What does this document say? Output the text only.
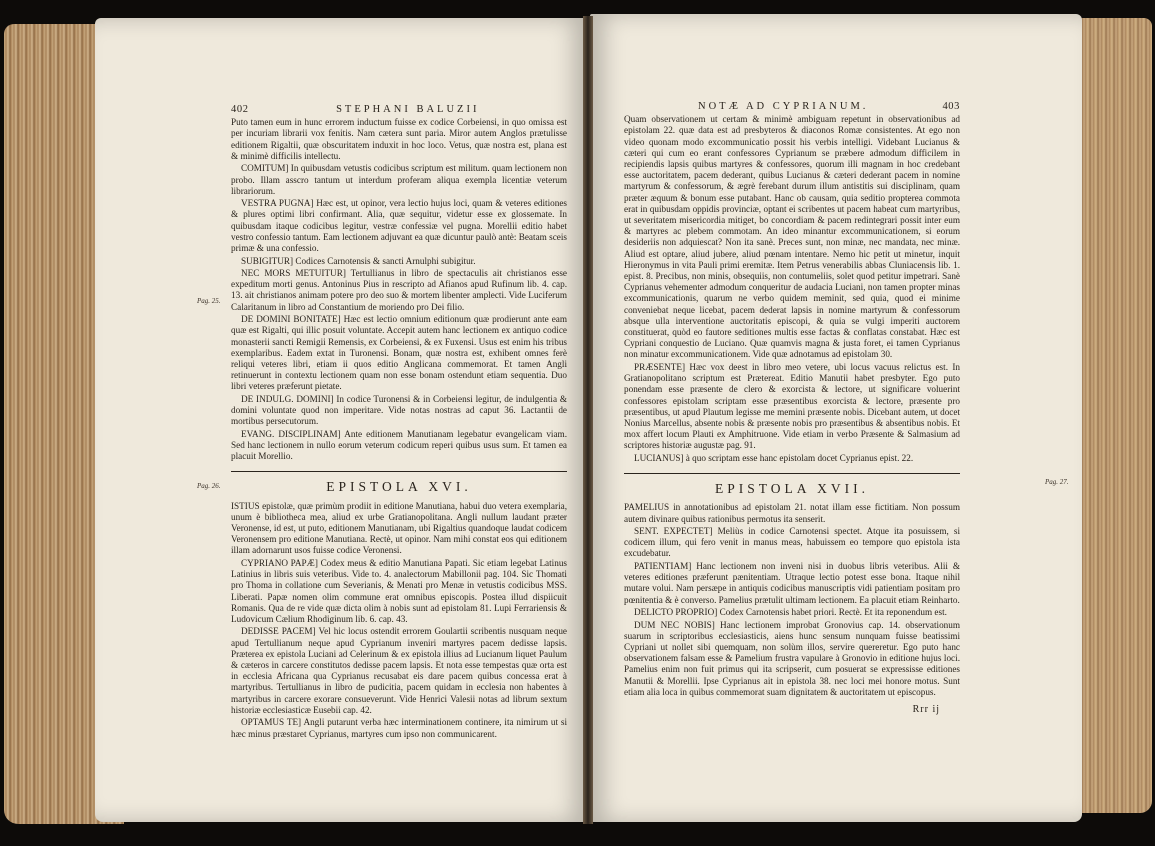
Pag. 25.
Pag. 26.
402	STEPHANI BALUZII

Puto tamen eum in hunc errorem inductum fuisse ex codice Corbeiensi, in quo omissa est per incuriam librarii vox fenitis. Nam cætera sunt paria. Miror autem Anglos prætulisse editionem Rigaltii, quæ obscuritatem induxit in hoc loco. Vetus, quæ nostra est, plana est & minimè difficilis intellectu.

COMITUM] In quibusdam vetustis codicibus scriptum est militum. quam lectionem non probo. Illam asscro tantum ut interdum proferam aliqua exempla licentiæ veterum librariorum.

VESTRA PUGNA] Hæc est, ut opinor, vera lectio hujus loci, quam & veteres editiones & plures optimi libri confirmant. Alia, quæ sequitur, videtur esse ex glossemate. In quibusdam itaque codicibus legitur, vestræ confessiæ vel pugna. Morellii editio habet vestro confessio tantum. Eam lectionem adjuvant ea quæ dicuntur paulò antè: Beatam sceis primæ & una confessio.

SUBIGITUR] Codices Carnotensis & sancti Arnulphi subigitur.

NEC MORS METUITUR] Tertullianus in libro de spectaculis ait christianos esse expeditum morti genus. Antoninus Pius in rescripto ad Afianos apud Rufinum lib. 4. cap. 13. ait christianos animam potere pro deo suo & mortem libenter amplecti. Vide Luciferum Calaritanum in libro ad Constantium de moriendo pro Dei filio.

DE DOMINI BONITATE] Hæc est lectio omnium editionum quæ prodierunt ante eam quæ est Rigalti, qui illic posuit voluntate. Accepit autem hanc lectionem ex antiquo codice monasterii sancti Remigii Remensis, ex Corbeiensi, & ex Fuxensi. Usus est enim his tribus exemplaribus. Eadem extat in Turonensi. Bonam, quæ nostra est, exhibent omnes ferè reliqui veteres libri, etiam ii quos editio Anglicana commemorat. Et tamen Angli retinuerunt in contextu lectionem quam non esse bonam ostendunt etiam sequentia. Duo libri veteres præferunt pietate.

DE INDULG. DOMINI] In codice Turonensi & in Corbeiensi legitur, de indulgentia & domini voluntate quod non imperitare. Vide notas nostras ad caput 36. Lactantii de mortibus persecutorum.

EVANG. DISCIPLINAM] Ante editionem Manutianam legebatur evangelicam viam. Sed hanc lectionem in nullo eorum veterum codicum reperi quibus usus sum. Et tamen ea placuit Morellio.

EPISTOLA XVI.

ISTIUS epistolæ, quæ primùm prodiit in editione Manutiana, habui duo vetera exemplaria, unum è bibliotheca mea, aliud ex urbe Gratianopolitana. Angli nullum laudant præter Veronense, id est, ut puto, editionem Manutianam, ubi Rigaltius quandoque laudat codicem Veronensem pro editione Manutiana. Rectè, ut opinor. Nam mihi constat eos qui editionem illam adornarunt usos fuisse codice Veronensi.

CYPRIANO PAPÆ] Codex meus & editio Manutiana Papati. Sic etiam legebat Latinus Latinius in libris suis veteribus. Vide to. 4. analectorum Mabillonii pag. 104. Sic Thomati pro Thoma in collatione cum Severianis, & Menati pro Menæ in vetustis codicibus MSS. Liberati. Papæ nomen olim commune erat omnibus episcopis. Postea illud dispiicuit Romanis. Qua de re vide quæ dicta olim à nobis sunt ad epistolam 81. Lupi Ferrariensis & Ludovicum Cælium Rhodiginum lib. 6. cap. 43.

DEDISSE PACEM] Vel hic locus ostendit errorem Goulartii scribentis nusquam neque apud Tertullianum neque apud Cyprianum inveniri martyres pacem dedisse lapsis. Præterea ex epistola Luciani ad Celerinum & ex epistola illius ad Lucianum liquet Paulum & cæteros in carcere constitutos dedisse pacem lapsis. Et nota esse tempestas quæ orta est in ecclesia Africana qua Cyprianus recusabat eis dare pacem quibus concessa erat à martyribus. Tertullianus in libro de pudicitia, pacem quidam in ecclesia non habentes à martyribus in carcere exorare consueverunt. Vide Henrici Valesii notas ad librum sextum historiæ ecclesiasticæ Eusebii cap. 42.

OPTAMUS TE] Angli putarunt verba hæc interminationem continere, ita nimirum ut si hæc minus præstaret Cyprianus, martyres cum ipso non communicarent.

Pag. 27.
NOTÆ AD CYPRIANUM.	403

Quam observationem ut certam & minimè ambiguam repetunt in observationibus ad epistolam 22. quæ data est ad presbyteros & diaconos Romæ consistentes. At ego non video quonam modo excommunicatio possit his verbis intelligi. Videbant Lucianus & cæteri qui cum eo erant confessores Cyprianum se præbere admodum difficilem in recipiendis lapsis quibus martyres & confessores, quorum illi magnam in hoc credebant esse auctoritatem, pacem dederant, quibus Lucianus & cæteri dederant pacem in nomine martyrum & confessorum, & ægrè ferebant durum illum antistitis sui disciplinam, quam præter æquum & bonum esse putabant. Hanc ob causam, quia seditio propterea commota erat in quibusdam oppidis provinciæ, optant ei scribentes ut pacem habeat cum martyribus, ut severitatem misericordia mitiget, bo concordiam & pacem redintegrari possit inter eum & martyres ac plebem commotam. An ideo minantur excommunicationem, si eorum desideriis non adquiescat? Non ita sanè. Preces sunt, non minæ, nec mandata, nec minæ. Aliud est optare, aliud jubere, aliud pœnam intentare. Nemo hic petit ut minetur, inquit Hieronymus in vita Pauli primi eremitæ. Item Petrus venerabilis abbas Cluniacensis lib. 1. epist. 8. Precibus, non minis, obsequiis, non contumeliis, solet quod petitur impetrari. Sanè Cyprianus vehementer admodum conqueritur de audacia Luciani, non tamen propter minas excommunicationis, quarum ne verbo quidem meminit, sed quia, quod ei minime conveniebat neque licebat, pacem dederat lapsis in nomine martyrum & confessorum absque ulla interventione auctoritatis episcopi, & quia se vulgi imperiti auctorem constituerat, quòd eo fautore seditiones multis esse factas & conflatas constabat. Hæc est Cypriani conquestio de Luciano. Quæ quamvis magna & justa foret, ei tamen Cyprianus non minatur excommunicationem. Vide quæ adnotamus ad epistolam 30.

PRÆSENTE] Hæc vox deest in libro meo vetere, ubi locus vacuus relictus est. In Gratianopolitano scriptum est Prætereat. Editio Manutii habet presbyter. Ego puto ponendam esse præsente de clero & exorcista & lectore, ut significare voluerint confessores epistolam scriptam esse præsentibus exorcista & lectore, præsente pro præsentibus, ut apud Plautum legisse me memini præsente nobis. Dicebant autem, ut docet Nonius Marcellus, absente nobis & præsente nobis pro præsentibus & absentibus nobis. Et mox affert locum Plauti ex Amphitruone. Vide etiam in verbo Præsente & Salmasium ad scriptores historiæ augustæ pag. 91.

LUCIANUS] à quo scriptam esse hanc epistolam docet Cyprianus epist. 22.

EPISTOLA XVII.

PAMELIUS in annotationibus ad epistolam 21. notat illam esse fictitiam. Non possum autem divinare quibus rationibus permotus ita senserit.

SENT. EXPECTET] Meliùs in codice Carnotensi spectet. Atque ita posuissem, si codicem illum, qui fero venit in manus meas, habuissem eo tempore quo epistola ista excudebatur.

PATIENTIAM] Hanc lectionem non inveni nisi in duobus libris veteribus. Alii & veteres editiones præferunt pænitentiam. Utraque lectio potest esse bona. Itaque nihil mutare volui. Nam persæpe in antiquis codicibus manuscriptis vidi patientiam positam pro pœnitentia & è converso. Pamelius prætulit ultimam lectionem. Ea placuit etiam Reinharto.

DELICTO PROPRIO] Codex Carnotensis habet priori. Rectè. Et ita reponendum est.

DUM NEC NOBIS] Hanc lectionem improbat Gronovius cap. 14. observationum suarum in scriptoribus ecclesiasticis, aiens hunc sensum nunquam fuisse beatissimi Cypriani ut nollet sibi quemquam, non solùm illos, servire quereretur. Ego puto hanc observationem falsam esse & Pamelium frustra vapulare à Gronovio in editione hujus loci. Pamelius enim non fuit primus qui ita scripserit, cum posuerat se expressisse editiones Manutii & Morellii. Ipse Cyprianus ait in epistola 38. nec loci mei honore motus. Sunt etiam alia loca in quibus commemorat suam dignitatem & auctoritatem ut episcopus.

Rrr ij
